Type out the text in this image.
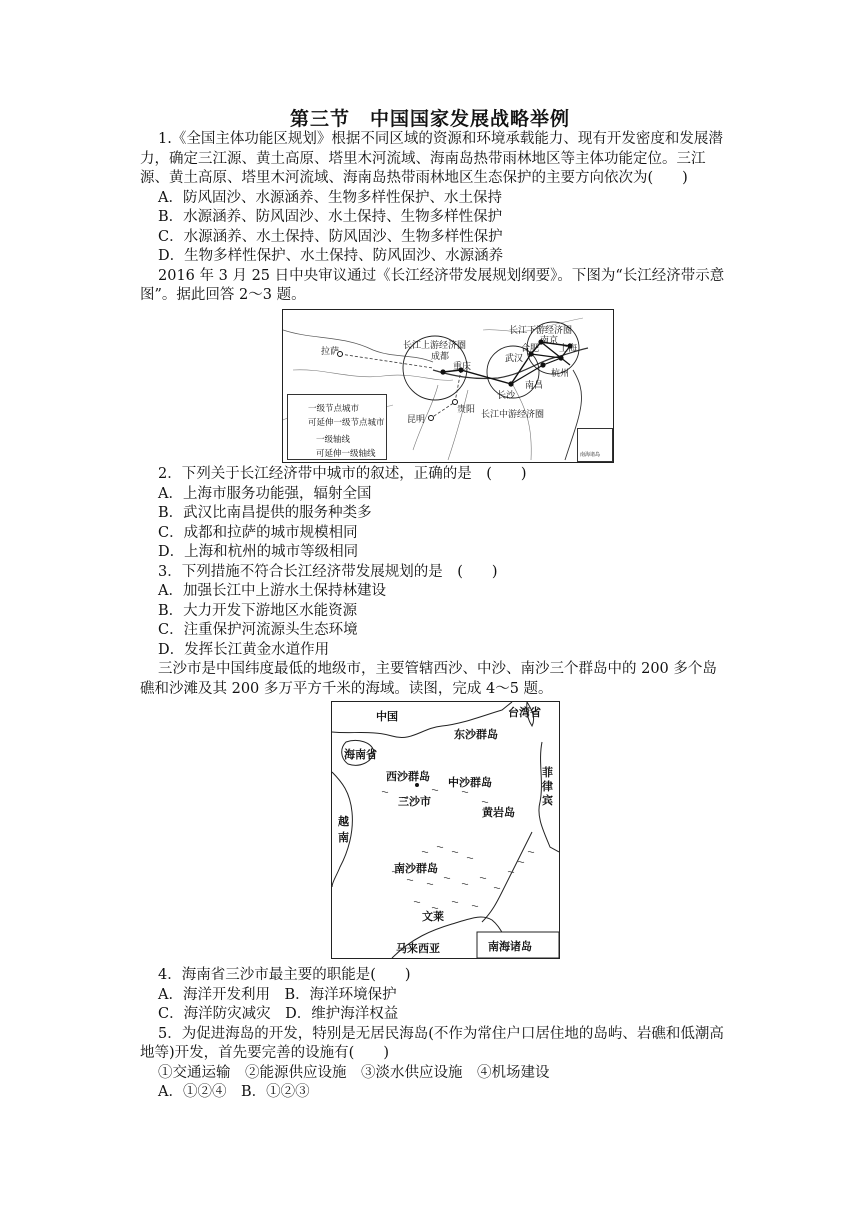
第三节　中国国家发展战略举例

1.《全国主体功能区规划》根据不同区域的资源和环境承载能力、现有开发密度和发展潜力，确定三江源、黄土高原、塔里木河流域、海南岛热带雨林地区等主体功能定位。三江源、黄土高原、塔里木河流域、海南岛热带雨林地区生态保护的主要方向依次为(　　)

A．防风固沙、水源涵养、生物多样性保护、水土保持

B．水源涵养、防风固沙、水土保持、生物多样性保护

C．水源涵养、水土保持、防风固沙、生物多样性保护

D．生物多样性保护、水土保持、防风固沙、水源涵养

2016 年 3 月 25 日中央审议通过《长江经济带发展规划纲要》。下图为“长江经济带示意图”。据此回答 2～3 题。

拉萨	成都
重庆
长江上游经济圈
长江下游经济圈
南京
合肥 上海
武汉
杭州
南昌
长沙
贵阳
昆明	长江中游经济圈
一级节点城市
可延伸一级节点城市
一级轴线
可延伸一级轴线	南海诸岛

2．下列关于长江经济带中城市的叙述，正确的是　(　　)

A．上海市服务功能强，辐射全国

B．武汉比南昌提供的服务种类多

C．成都和拉萨的城市规模相同

D．上海和杭州的城市等级相同

3．下列措施不符合长江经济带发展规划的是　(　　)

A．加强长江中上游水土保持林建设

B．大力开发下游地区水能资源

C．注重保护河流源头生态环境

D．发挥长江黄金水道作用

三沙市是中国纬度最低的地级市，主要管辖西沙、中沙、南沙三个群岛中的 200 多个岛礁和沙滩及其 200 多万平方千米的海域。读图，完成 4～5 题。

中国	台湾省
海南省
东沙群岛
西沙群岛
三沙市
中沙群岛
黄岩岛
菲律宾
越南
南沙群岛
文莱
马来西亚	南海诸岛

4．海南省三沙市最主要的职能是(　　)

A．海洋开发利用　B．海洋环境保护

C．海洋防灾减灾　D．维护海洋权益

5．为促进海岛的开发，特别是无居民海岛(不作为常住户口居住地的岛屿、岩礁和低潮高地等)开发，首先要完善的设施有(　　)

①交通运输　②能源供应设施　③淡水供应设施　④机场建设

A．①②④　B．①②③
